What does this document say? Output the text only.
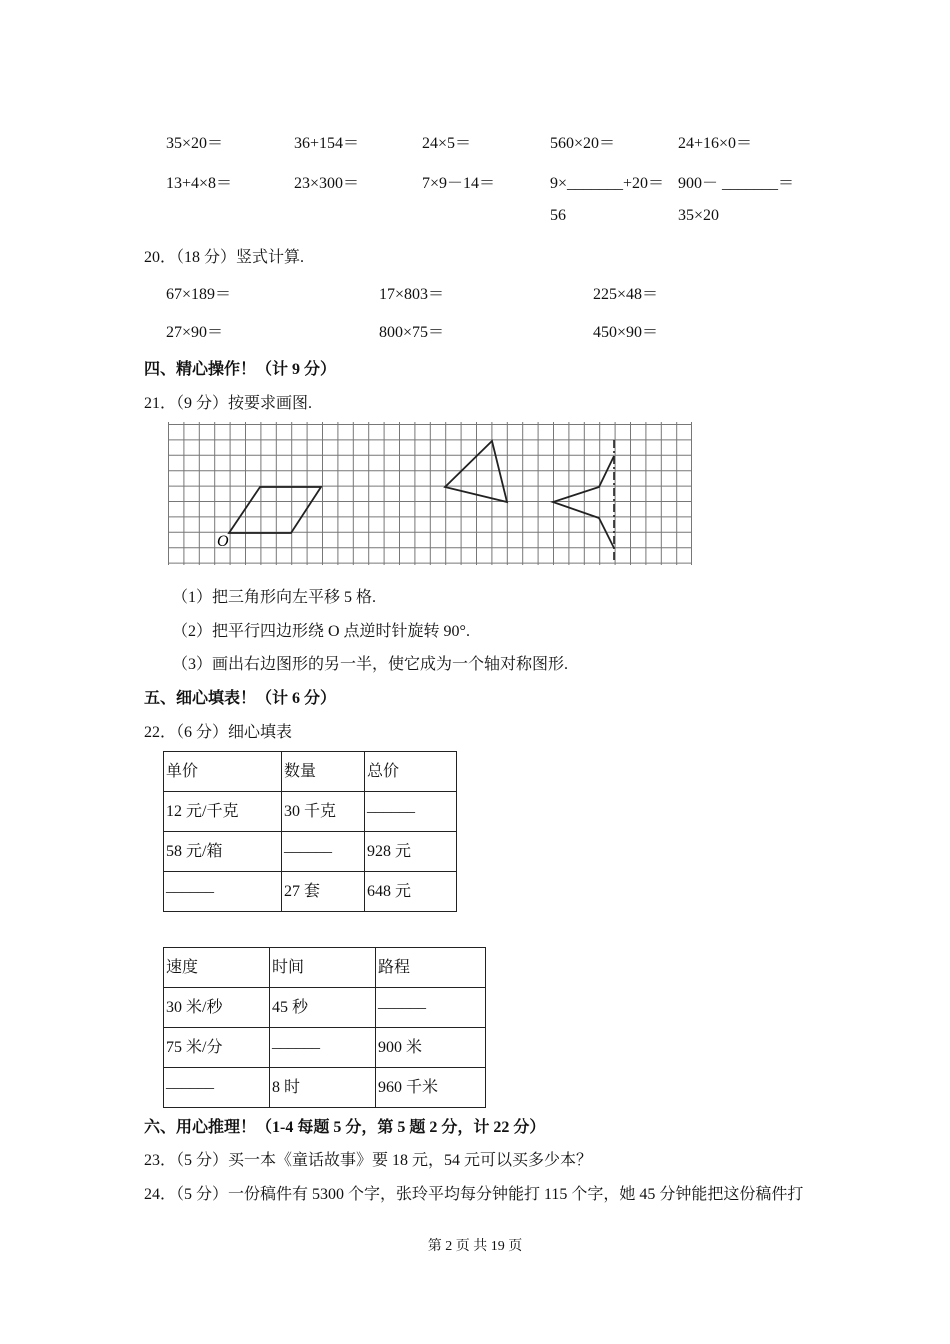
35×20＝	36+154＝	24×5＝	560×20＝	24+16×0＝
13+4×8＝	23×300＝	7×9－14＝	9×_______+20＝ 900－ _______＝
56	35×20
20．（18 分）竖式计算.
67×189＝	17×803＝	225×48＝
27×90＝	800×75＝	450×90＝
四、精心操作！（计 9 分）
21．（9 分）按要求画图.
O
（1）把三角形向左平移 5 格.
（2）把平行四边形绕 O 点逆时针旋转 90°.
（3）画出右边图形的另一半，使它成为一个轴对称图形.
五、细心填表！（计 6 分）
22．（6 分）细心填表
单价	数量	总价
12 元/千克	30 千克	______
58 元/箱	______	928 元
______	27 套	648 元
速度	时间	路程
30 米/秒	45 秒	______
75 米/分	______	900 米
______	8 时	960 千米
六、用心推理！（1-4 每题 5 分，第 5 题 2 分，计 22 分）
23．（5 分）买一本《童话故事》要 18 元，54 元可以买多少本？
24．（5 分）一份稿件有 5300 个字，张玲平均每分钟能打 115 个字，她 45 分钟能把这份稿件打
第 2 页 共 19 页
